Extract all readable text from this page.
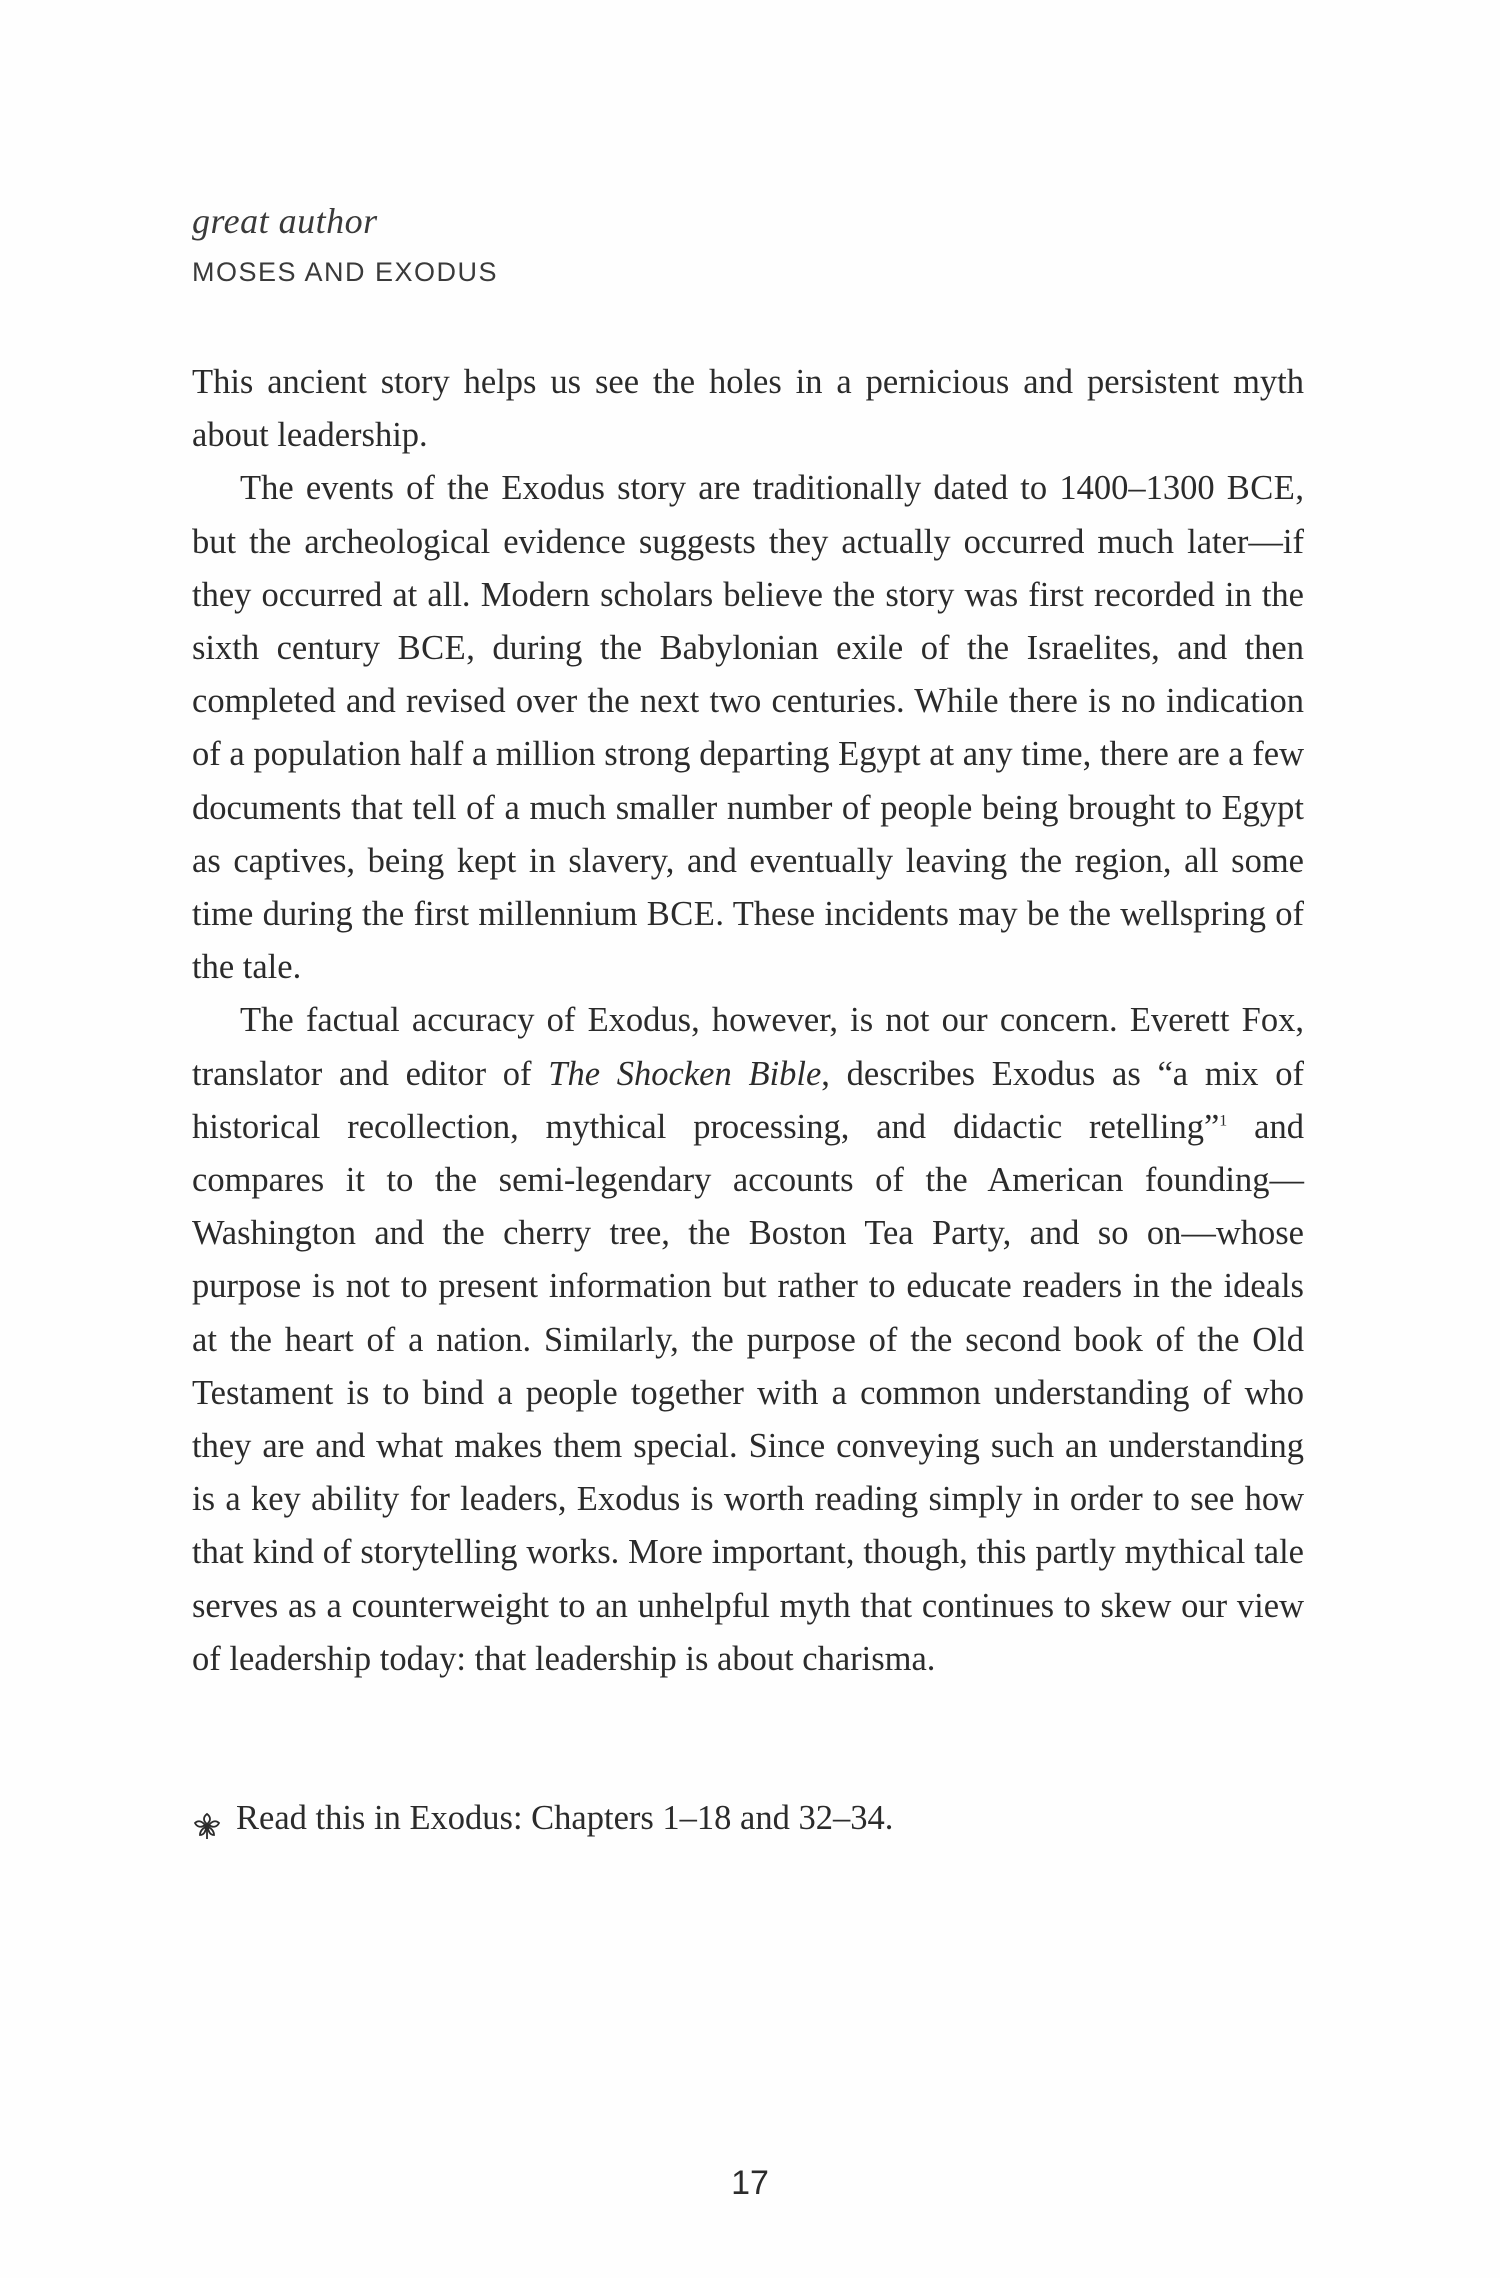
great author
MOSES AND EXODUS

This ancient story helps us see the holes in a pernicious and persistent myth about leadership.

The events of the Exodus story are traditionally dated to 1400–1300 BCE, but the archeological evidence suggests they actually occurred much later—if they occurred at all. Modern scholars believe the story was first recorded in the sixth century BCE, during the Babylonian exile of the Israelites, and then completed and revised over the next two centuries. While there is no indication of a population half a million strong departing Egypt at any time, there are a few documents that tell of a much smaller number of people being brought to Egypt as captives, being kept in slavery, and eventually leaving the region, all some time during the first millennium BCE. These incidents may be the wellspring of the tale.

The factual accuracy of Exodus, however, is not our concern. Everett Fox, translator and editor of The Shocken Bible, describes Exodus as “a mix of historical recollection, mythical processing, and didactic retelling”$^1$ and compares it to the semi-legendary accounts of the American founding—Washington and the cherry tree, the Boston Tea Party, and so on—whose purpose is not to present information but rather to educate readers in the ideals at the heart of a nation. Similarly, the purpose of the second book of the Old Testament is to bind a people together with a common understanding of who they are and what makes them special. Since conveying such an understanding is a key ability for leaders, Exodus is worth reading simply in order to see how that kind of storytelling works. More important, though, this partly mythical tale serves as a counterweight to an unhelpful myth that continues to skew our view of leadership today: that leadership is about charisma.

Read this in Exodus: Chapters 1–18 and 32–34.
17
